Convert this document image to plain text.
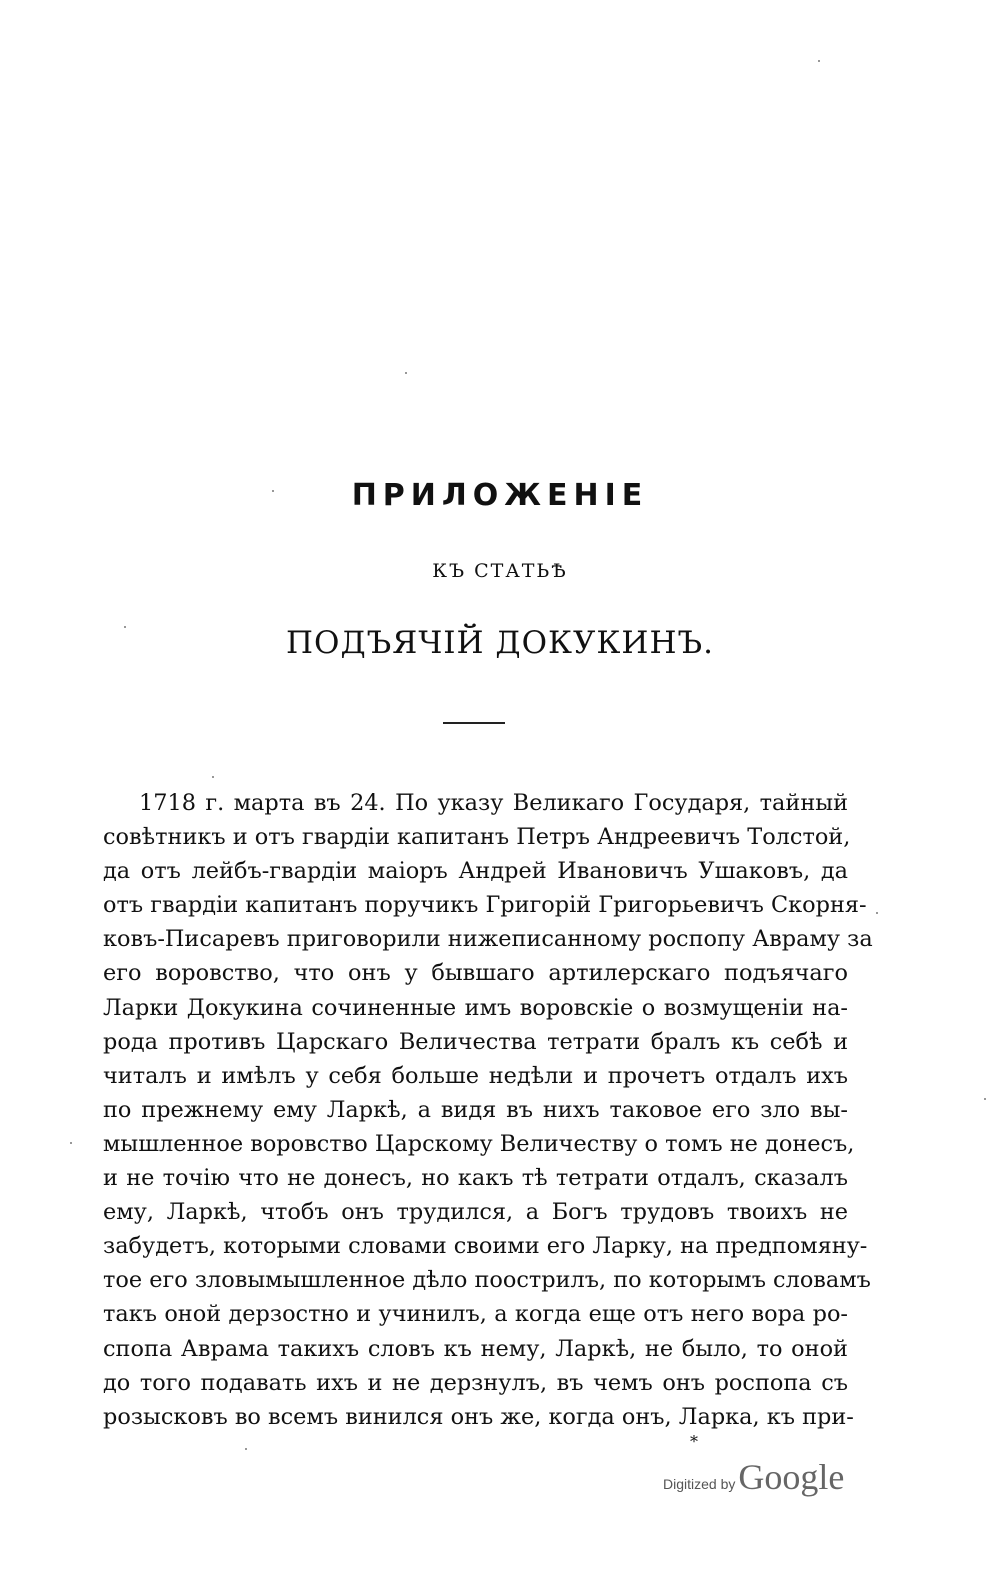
ПРИЛОЖЕНІЕ
КЪ СТАТЬѢ
ПОДЪЯЧІЙ ДОКУКИНЪ.
1718 г. марта въ 24. По указу Великаго Государя, тайный
совѣтникъ и отъ гвардіи капитанъ Петръ Андреевичъ Толстой,
да отъ лейбъ-гвардіи маіоръ Андрей Ивановичъ Ушаковъ, да
отъ гвардіи капитанъ поручикъ Григорій Григорьевичъ Скорня-
ковъ-Писаревъ приговорили нижеписанному роспопу Авраму за
его воровство, что онъ у бывшаго артилерскаго подъячаго
Ларки Докукина сочиненные имъ воровскіе о возмущеніи на-
рода противъ Царскаго Величества тетрати бралъ къ себѣ и
читалъ и имѣлъ у себя больше недѣли и прочетъ отдалъ ихъ
по прежнему ему Ларкѣ, а видя въ нихъ таковое его зло вы-
мышленное воровство Царскому Величеству о томъ не донесъ,
и не точію что не донесъ, но какъ тѣ тетрати отдалъ, сказалъ
ему, Ларкѣ, чтобъ онъ трудился, а Богъ трудовъ твоихъ не
забудетъ, которыми словами своими его Ларку, на предпомяну-
тое его зловымышленное дѣло поострилъ, по которымъ словамъ
такъ оной дерзостно и учинилъ, а когда еще отъ него вора ро-
спопа Аврама такихъ словъ къ нему, Ларкѣ, не было, то оной
до того подавать ихъ и не дерзнулъ, въ чемъ онъ роспопа съ
розысковъ во всемъ винился онъ же, когда онъ, Ларка, къ при-
*
Digitized by Google
